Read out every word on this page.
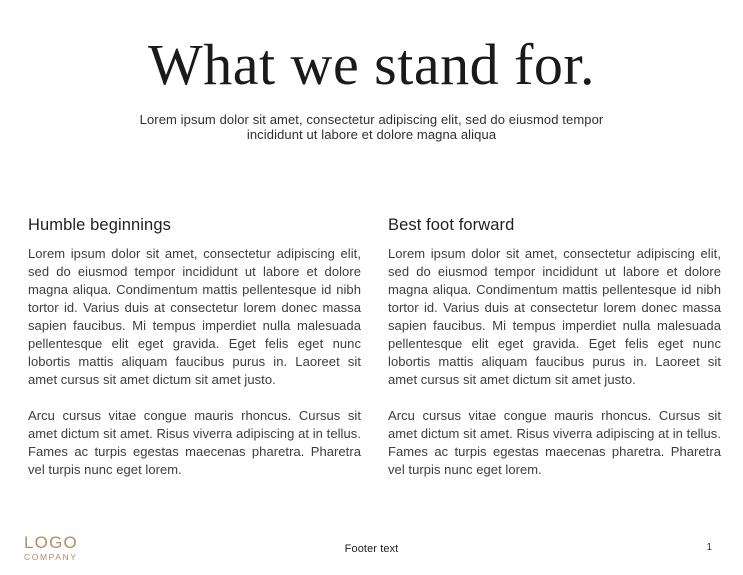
What we stand for.

Lorem ipsum dolor sit amet, consectetur adipiscing elit, sed do eiusmod tempor incididunt ut labore et dolore magna aliqua

Humble beginnings

Lorem ipsum dolor sit amet, consectetur adipiscing elit, sed do eiusmod tempor incididunt ut labore et dolore magna aliqua. Condimentum mattis pellentesque id nibh tortor id. Varius duis at consectetur lorem donec massa sapien faucibus. Mi tempus imperdiet nulla malesuada pellentesque elit eget gravida. Eget felis eget nunc lobortis mattis aliquam faucibus purus in. Laoreet sit amet cursus sit amet dictum sit amet justo.

Arcu cursus vitae congue mauris rhoncus. Cursus sit amet dictum sit amet. Risus viverra adipiscing at in tellus. Fames ac turpis egestas maecenas pharetra. Pharetra vel turpis nunc eget lorem.

Best foot forward

Lorem ipsum dolor sit amet, consectetur adipiscing elit, sed do eiusmod tempor incididunt ut labore et dolore magna aliqua. Condimentum mattis pellentesque id nibh tortor id. Varius duis at consectetur lorem donec massa sapien faucibus. Mi tempus imperdiet nulla malesuada pellentesque elit eget gravida. Eget felis eget nunc lobortis mattis aliquam faucibus purus in. Laoreet sit amet cursus sit amet dictum sit amet justo.

Arcu cursus vitae congue mauris rhoncus. Cursus sit amet dictum sit amet. Risus viverra adipiscing at in tellus. Fames ac turpis egestas maecenas pharetra. Pharetra vel turpis nunc eget lorem.

LOGO
COMPANY
Footer text	1
